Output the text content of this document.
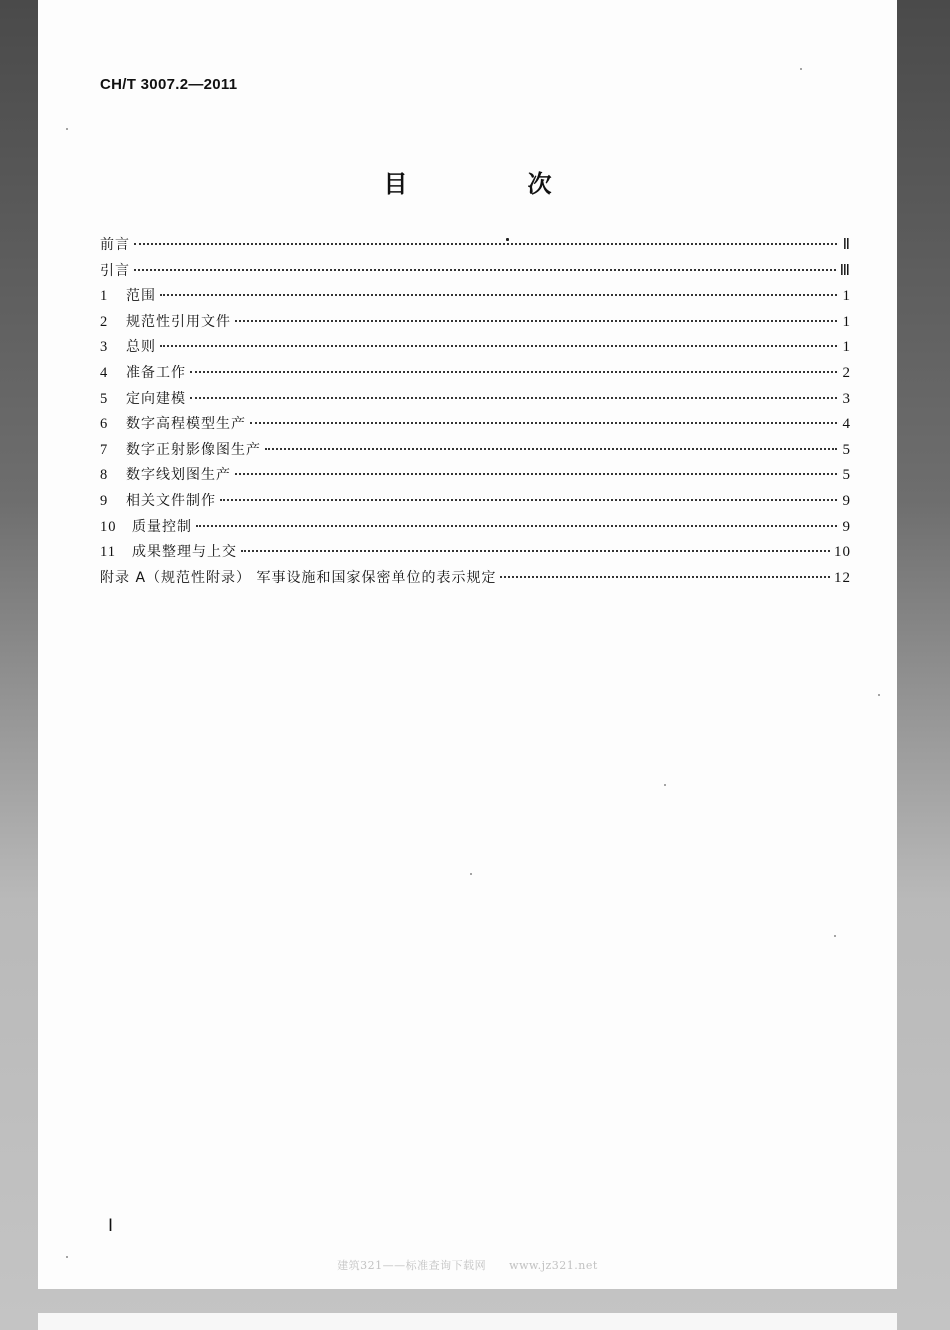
CH/T 3007.2—2011
目　次
前言	Ⅱ
引言	Ⅲ
1	范围	1
2	规范性引用文件	1
3	总则	1
4	准备工作	2
5	定向建模	3
6	数字高程模型生产	4
7	数字正射影像图生产	5
8	数字线划图生产	5
9	相关文件制作	9
10	质量控制	9
11	成果整理与上交	10
附录 A（规范性附录） 军事设施和国家保密单位的表示规定	12
Ⅰ
建筑321——标准查询下载网　　www.jz321.net
